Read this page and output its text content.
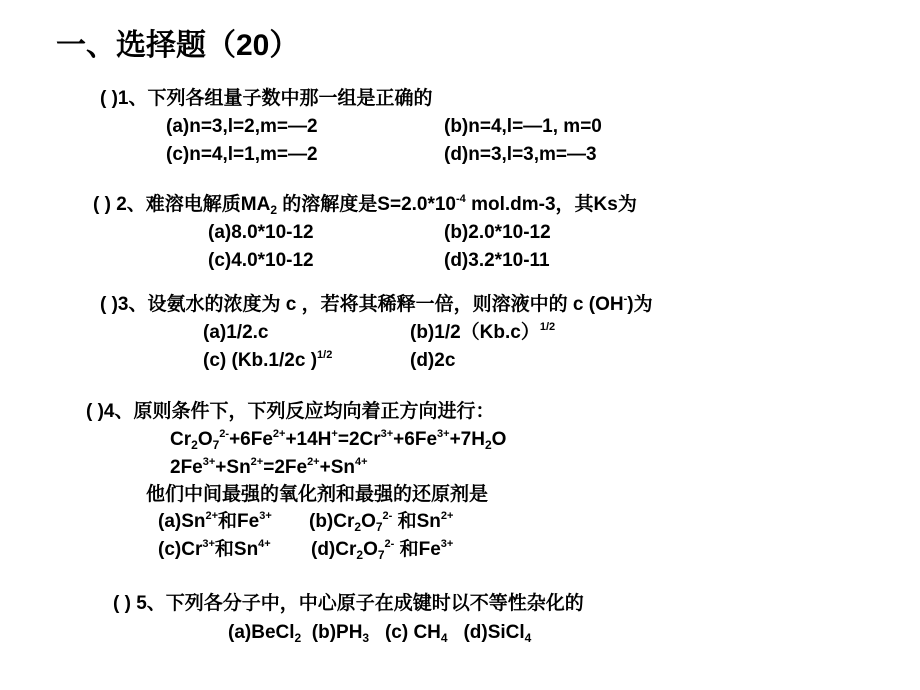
一、选择题（20）
( )1、下列各组量子数中那一组是正确的
(a)n=3,l=2,m=—2	(b)n=4,l=—1, m=0
(c)n=4,l=1,m=—2	(d)n=3,l=3,m=—3
( ) 2、难溶电解质$MA_2$ 的溶解度是$S=2.0*10^{-4}$ mol.dm-3，其Ks为
(a)8.0*10-12	(b)2.0*10-12
(c)4.0*10-12	(d)3.2*10-11
( )3、设氨水的浓度为 c ，若将其稀释一倍，则溶液中的 c (OH-)为
(a)1/2.c	$(b)1/2(Kb.c)^{1/2}$
(c) (Kb.1/2c )$^{1/2}$	(d)2c
( )4、原则条件下，下列反应均向着正方向进行：
$Cr_2O_7^{2-}+6Fe^{2+}+14H^+=2Cr^{3+}+6Fe^{3+}+7H_2O$
$2Fe^{3+}+Sn^{2+}=2Fe^{2+}+Sn^{4+}$
他们中间最强的氧化剂和最强的还原剂是
$(a)Sn^{2+}$和$Fe^{3+}$ $(b)Cr_2O_7^{2-}$ 和$Sn^{2+}$
$(c)Cr^{3+}$和$Sn^{4+}$ $(d)Cr_2O_7^{2-}$ 和$Fe^{3+}$
( ) 5、下列各分子中，中心原子在成键时以不等性杂化的
(a)BeCl$_2$ $(b)PH_3$ (c) $CH_4$ (d)SiCl$_4$
